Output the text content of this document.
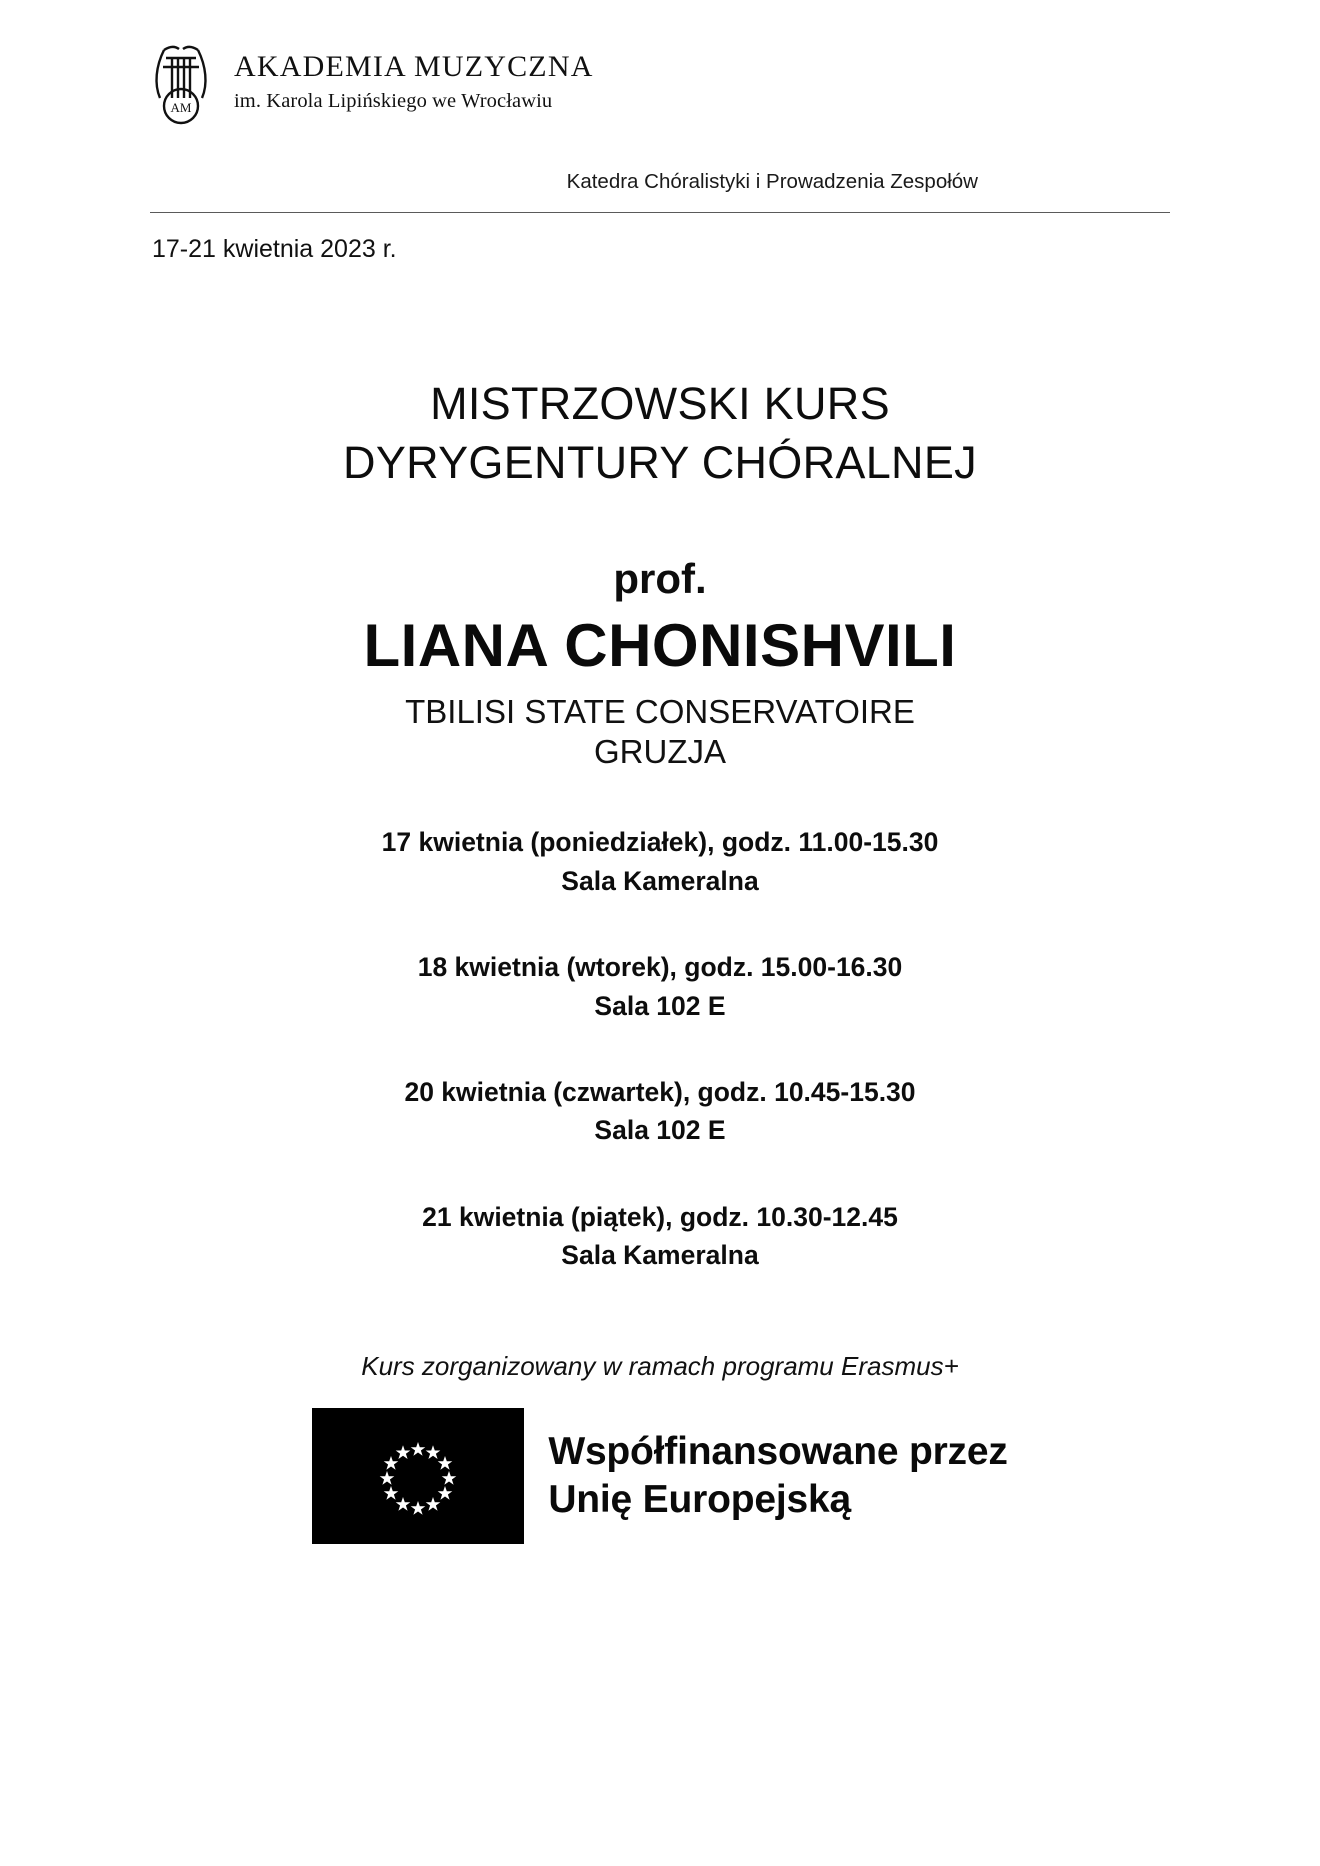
AM
AKADEMIA MUZYCZNA
im. Karola Lipińskiego we Wrocławiu
Katedra Chóralistyki i Prowadzenia Zespołów
17-21 kwietnia 2023 r.
MISTRZOWSKI KURS
DYRYGENTURY CHÓRALNEJ
prof.
LIANA CHONISHVILI
TBILISI STATE CONSERVATOIRE
GRUZJA
17 kwietnia (poniedziałek), godz. 11.00-15.30
Sala Kameralna
18 kwietnia (wtorek), godz. 15.00-16.30
Sala 102 E
20 kwietnia (czwartek), godz. 10.45-15.30
Sala 102 E
21 kwietnia (piątek), godz. 10.30-12.45
Sala Kameralna
Kurs zorganizowany w ramach programu Erasmus+
Współfinansowane przez
Unię Europejską
